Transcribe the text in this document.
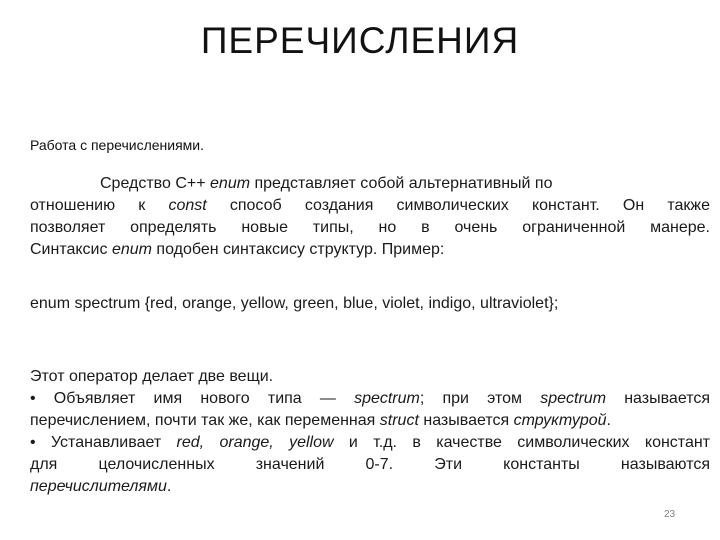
ПЕРЕЧИСЛЕНИЯ
Работа с перечислениями.
Средство С++ enum представляет собой альтернативный по
отношению к const способ создания символических констант. Он также
позволяет определять новые типы, но в очень ограниченной манере.
Синтаксис enum подобен синтаксису структур. Пример:
enum spectrum {red, orange, yellow, green, blue, violet, indigo, ultraviolet};
Этот оператор делает две вещи.
• Объявляет имя нового типа — spectrum; при этом spectrum называется
перечислением, почти так же, как переменная struct называется структурой.
• Устанавливает red, orange, yellow и т.д. в качестве символических констант
для целочисленных значений 0-7. Эти константы называются
перечислителями.
23
